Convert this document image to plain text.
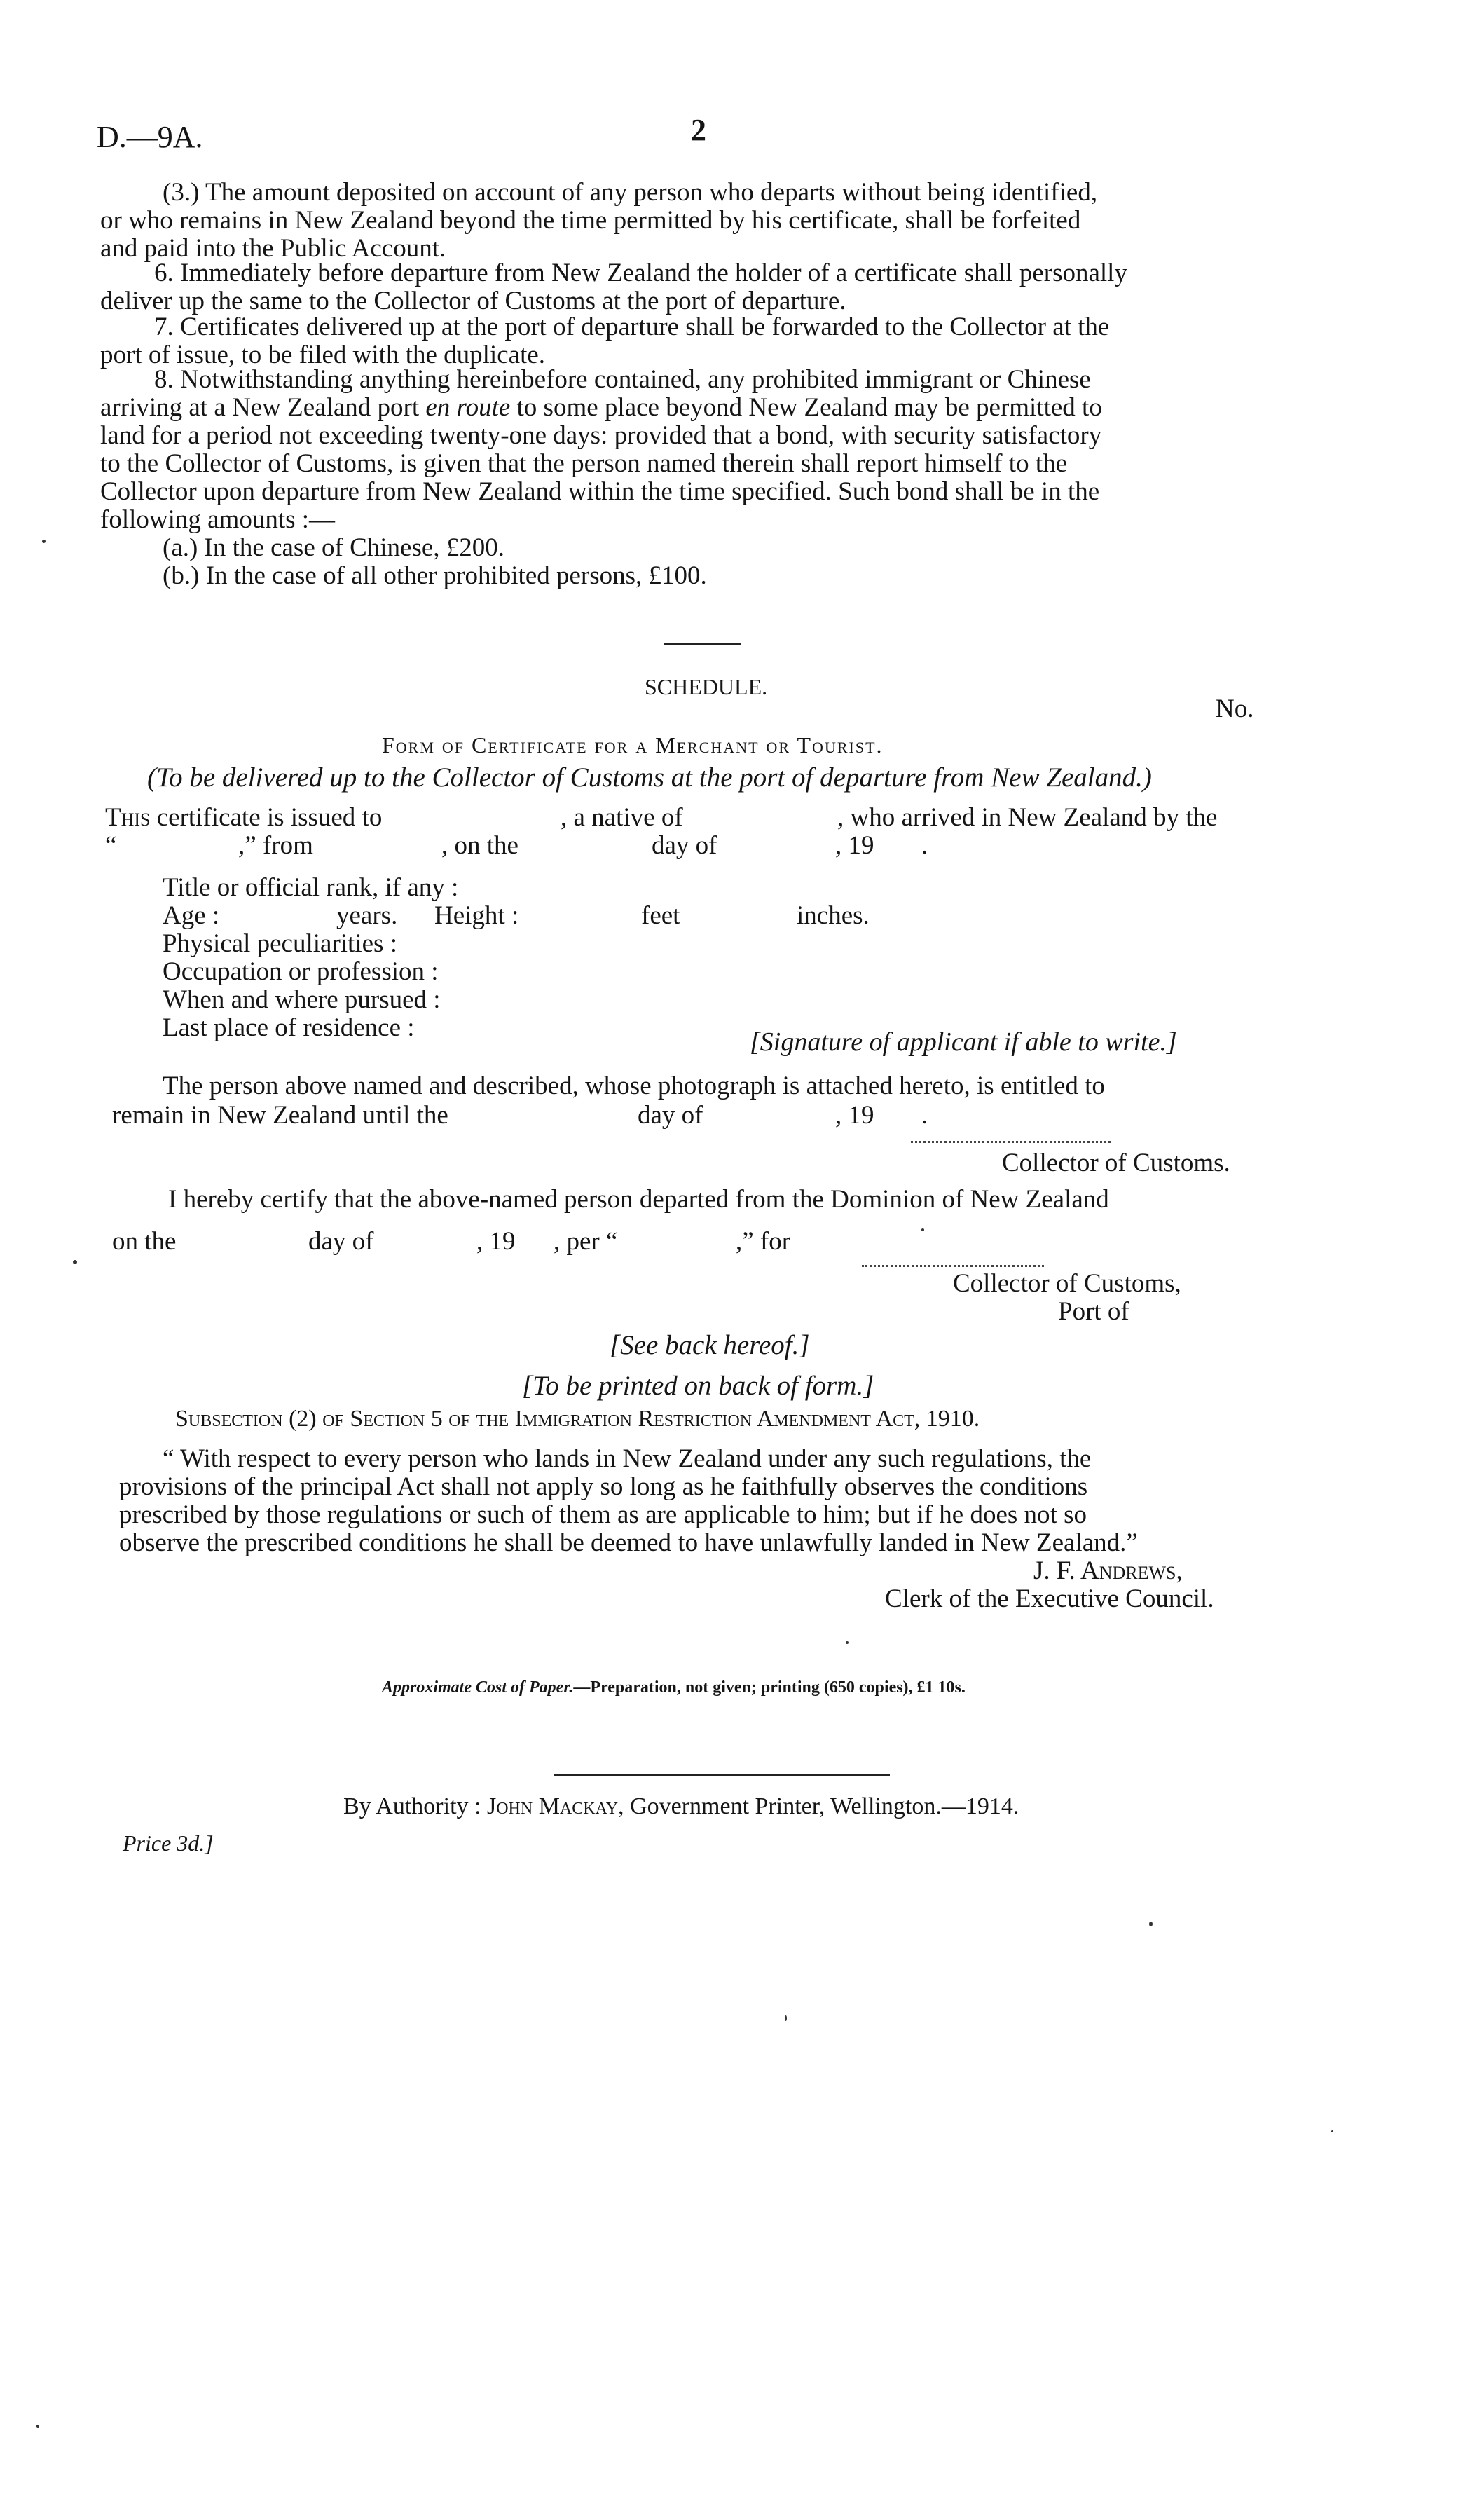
D.—9A.	2
(3.) The amount deposited on account of any person who departs without being identified,
or who remains in New Zealand beyond the time permitted by his certificate, shall be forfeited
and paid into the Public Account.
6. Immediately before departure from New Zealand the holder of a certificate shall personally
deliver up the same to the Collector of Customs at the port of departure.
7. Certificates delivered up at the port of departure shall be forwarded to the Collector at the
port of issue, to be filed with the duplicate.
8. Notwithstanding anything hereinbefore contained, any prohibited immigrant or Chinese
arriving at a New Zealand port en route to some place beyond New Zealand may be permitted to
land for a period not exceeding twenty-one days: provided that a bond, with security satisfactory
to the Collector of Customs, is given that the person named therein shall report himself to the
Collector upon departure from New Zealand within the time specified. Such bond shall be in the
following amounts :—
(a.) In the case of Chinese, £200.
(b.) In the case of all other prohibited persons, £100.
SCHEDULE.
No.
Form of Certificate for a Merchant or Tourist.
(To be delivered up to the Collector of Customs at the port of departure from New Zealand.)
This certificate is issued to	, a native of	, who arrived in New Zealand by the
“	,” from	, on the	day of	, 19 .
Title or official rank, if any :
Age :	years. Height :	feet	inches.
Physical peculiarities :
Occupation or profession :
When and where pursued :
Last place of residence :	[Signature of applicant if able to write.]
The person above named and described, whose photograph is attached hereto, is entitled to
remain in New Zealand until the	day of	, 19 .
Collector of Customs.
I hereby certify that the above-named person departed from the Dominion of New Zealand
on the	day of	, 19 , per “	,” for
Collector of Customs,
Port of
[See back hereof.]
[To be printed on back of form.]
Subsection (2) of Section 5 of the Immigration Restriction Amendment Act, 1910.
“ With respect to every person who lands in New Zealand under any such regulations, the
provisions of the principal Act shall not apply so long as he faithfully observes the conditions
prescribed by those regulations or such of them as are applicable to him; but if he does not so
observe the prescribed conditions he shall be deemed to have unlawfully landed in New Zealand.”
J. F. Andrews,
Clerk of the Executive Council.
Approximate Cost of Paper.—Preparation, not given; printing (650 copies), £1 10s.
By Authority : John Mackay, Government Printer, Wellington.—1914.
Price 3d.]
